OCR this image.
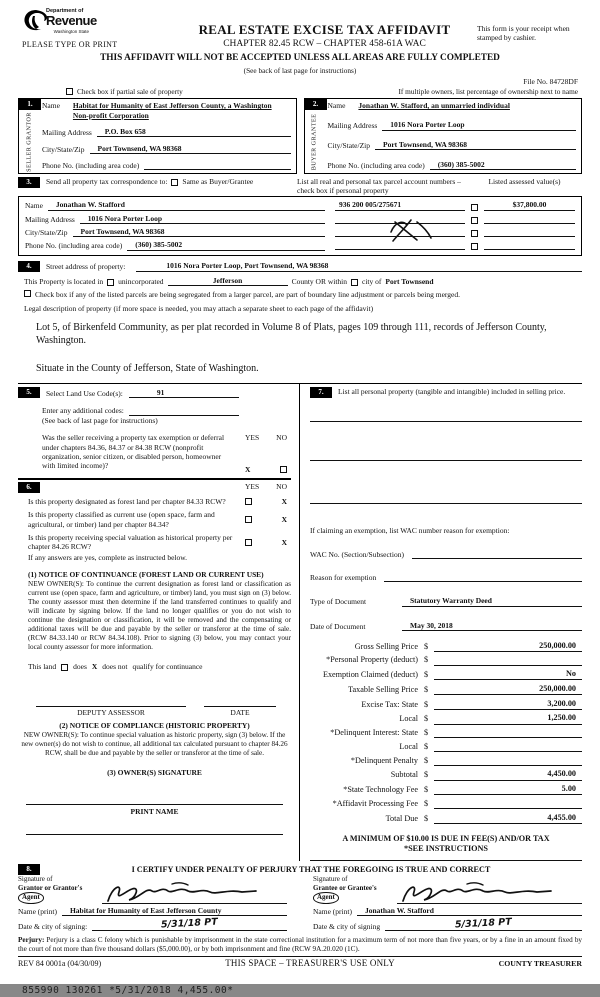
Department of
Revenue
Washington State
PLEASE TYPE OR PRINT
REAL ESTATE EXCISE TAX AFFIDAVIT
CHAPTER 82.45 RCW – CHAPTER 458-61A WAC
This form is your receipt when stamped by cashier.
THIS AFFIDAVIT WILL NOT BE ACCEPTED UNLESS ALL AREAS ARE FULLY COMPLETED
(See back of last page for instructions)
File No. 84728DF
Check box if partial sale of property	If multiple owners, list percentage of ownership next to name
1.
SELLER GRANTOR
Name	Habitat for Humanity of East Jefferson County, a Washington Non-profit Corporation
Mailing Address	P.O. Box 658
City/State/Zip	Port Townsend, WA 98368
Phone No. (including area code)
2.
BUYER GRANTEE
Name	Jonathan W. Stafford, an unmarried individual
Mailing Address	1016 Nora Porter Loop
City/State/Zip	Port Townsend, WA 98368
Phone No. (including area code)	(360) 385-5002
3.	Send all property tax correspondence to: Same as Buyer/Grantee	List all real and personal tax parcel account numbers – check box if personal property
Listed assessed value(s)
Name	Jonathan W. Stafford
Mailing Address	1016 Nora Porter Loop
City/State/Zip	Port Townsend, WA 98368
Phone No. (including area code)	(360) 385-5002
936 200 005/275671	$37,800.00
4.	Street address of property:	1016 Nora Porter Loop, Port Townsend, WA 98368
This Property is located in unincorporated	Jefferson	County OR within city of Port Townsend
Check box if any of the listed parcels are being segregated from a larger parcel, are part of boundary line adjustment or parcels being merged.
Legal description of property (if more space is needed, you may attach a separate sheet to each page of the affidavit)

Lot 5, of Birkenfeld Community, as per plat recorded in Volume 8 of Plats, pages 109 through 111, records of Jefferson County, Washington.

Situate in the County of Jefferson, State of Washington.

5.	Select Land Use Code(s):	91
Enter any additional codes:
(See back of last page for instructions)
Was the seller receiving a property tax exemption or deferral under chapters 84.36, 84.37 or 84.38 RCW (nonprofit organization, senior citizen, or disabled person, homeowner with limited income)?
YES NO
X
6.	YES NO
Is this property designated as forest land per chapter 84.33 RCW?	X
Is this property classified as current use (open space, farm and agricultural, or timber) land per chapter 84.34?
X
Is this property receiving special valuation as historical property per chapter 84.26 RCW?
X
If any answers are yes, complete as instructed below.
(1) NOTICE OF CONTINUANCE (FOREST LAND OR CURRENT USE)
NEW OWNER(S): To continue the current designation as forest land or classification as current use (open space, farm and agriculture, or timber) land, you must sign on (3) below. The county assessor must then determine if the land transferred continues to qualify and will indicate by signing below. If the land no longer qualifies or you do not wish to continue the designation or classification, it will be removed and the compensating or additional taxes will be due and payable by the seller or transferor at the time of sale. (RCW 84.33.140 or RCW 84.34.108). Prior to signing (3) below, you may contact your local county assessor for more information.
This land does X does not qualify for continuance
DEPUTY ASSESSOR	DATE
(2) NOTICE OF COMPLIANCE (HISTORIC PROPERTY)
NEW OWNER(S): To continue special valuation as historic property, sign (3) below. If the new owner(s) do not wish to continue, all additional tax calculated pursuant to chapter 84.26 RCW, shall be due and payable by the seller or transferor at the time of sale.
(3) OWNER(S) SIGNATURE
PRINT NAME
7.	List all personal property (tangible and intangible) included in selling price.
If claiming an exemption, list WAC number reason for exemption:
WAC No. (Section/Subsection)
Reason for exemption
Type of Document	Statutory Warranty Deed
Date of Document	May 30, 2018
Gross Selling Price $	250,000.00
*Personal Property (deduct) $
Exemption Claimed (deduct) $	No
Taxable Selling Price $	250,000.00
Excise Tax: State $	3,200.00
Local $	1,250.00
*Delinquent Interest: State $
Local $
*Delinquent Penalty $
Subtotal $	4,450.00
*State Technology Fee $	5.00
*Affidavit Processing Fee $
Total Due $	4,455.00
A MINIMUM OF $10.00 IS DUE IN FEE(S) AND/OR TAX
*SEE INSTRUCTIONS
8.	I CERTIFY UNDER PENALTY OF PERJURY THAT THE FOREGOING IS TRUE AND CORRECT
Signature of
Grantor or Grantor's Agent
Name (print)	Habitat for Humanity of East Jefferson County
Date & city of signing:	5/31/18 PT
Signature of
Grantee or Grantee's Agent
Name (print)	Jonathan W. Stafford
Date & city of signing	5/31/18 PT
Perjury: Perjury is a class C felony which is punishable by imprisonment in the state correctional institution for a maximum term of not more than five years, or by a fine in an amount fixed by the court of not more than five thousand dollars ($5,000.00), or by both imprisonment and fine (RCW 9A.20.020 (1C).
REV 84 0001a (04/30/09)	THIS SPACE – TREASURER'S USE ONLY	COUNTY TREASURER
855990 130261 *5/31/2018 4,455.00*
